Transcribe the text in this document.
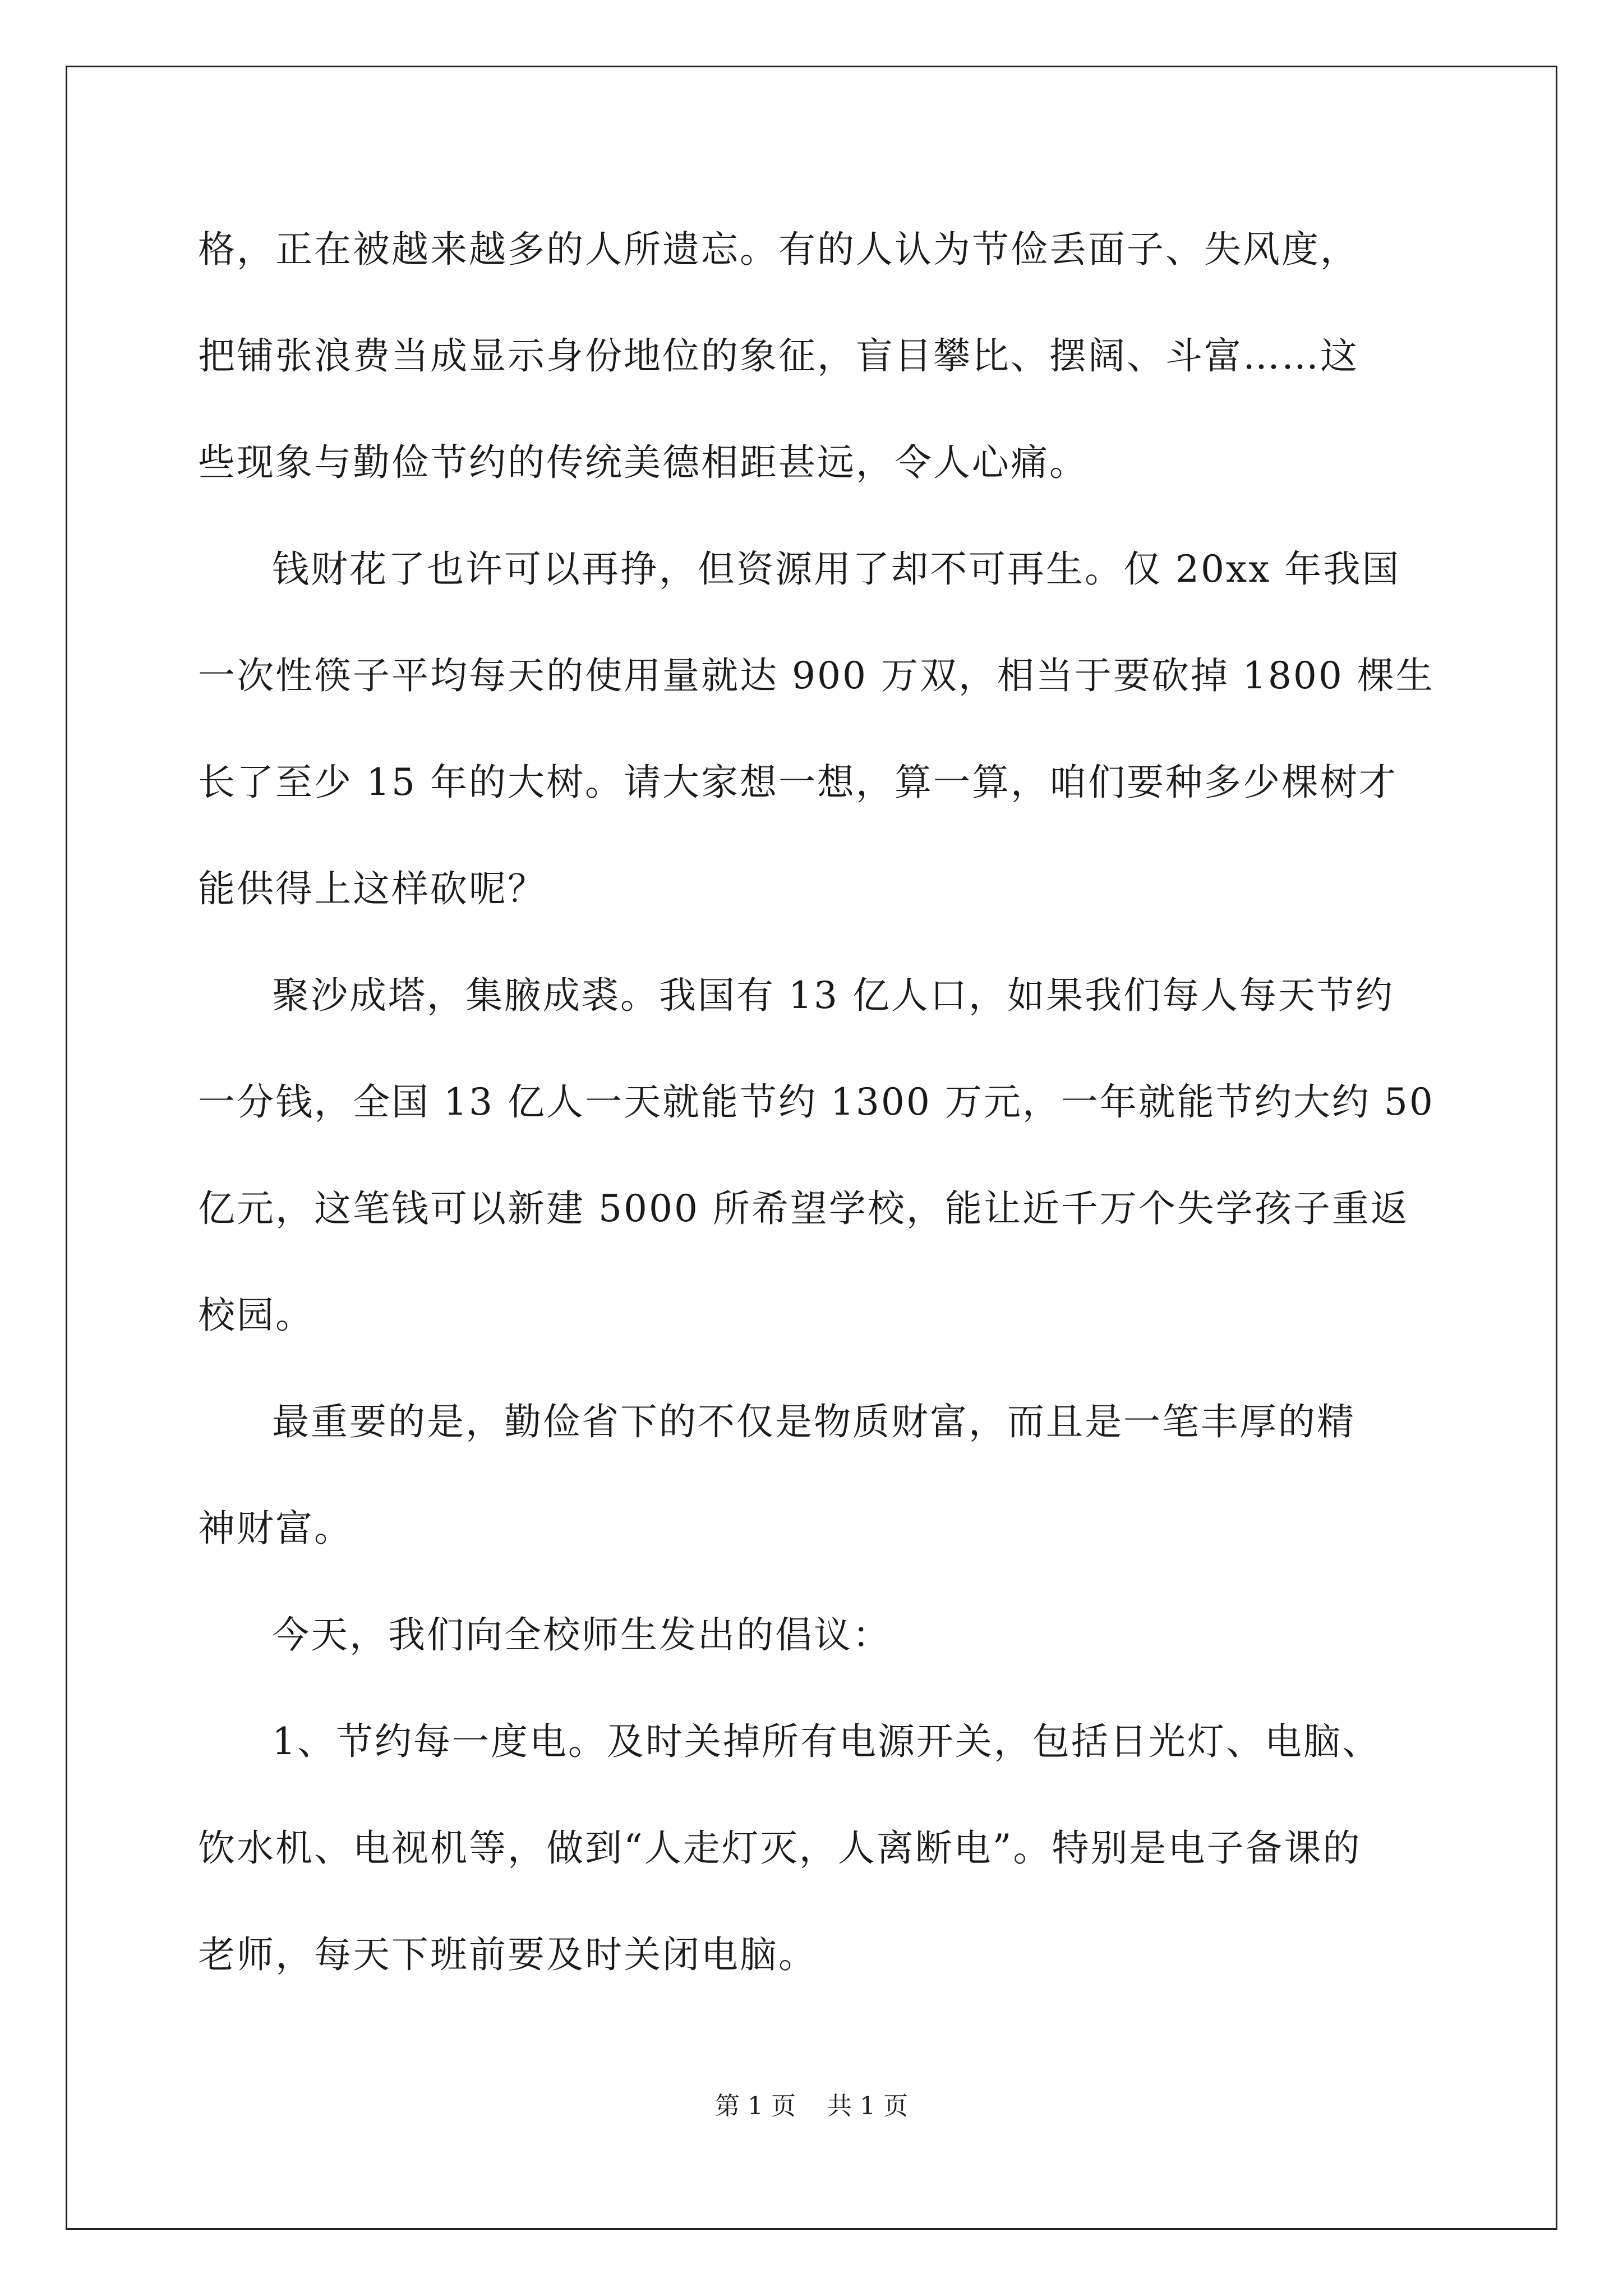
格，正在被越来越多的人所遗忘。有的人认为节俭丢面子、失风度，
把铺张浪费当成显示身份地位的象征，盲目攀比、摆阔、斗富……这
些现象与勤俭节约的传统美德相距甚远，令人心痛。
钱财花了也许可以再挣，但资源用了却不可再生。仅 20xx 年我国
一次性筷子平均每天的使用量就达 900 万双，相当于要砍掉 1800 棵生
长了至少 15 年的大树。请大家想一想，算一算，咱们要种多少棵树才
能供得上这样砍呢？
聚沙成塔，集腋成裘。我国有 13 亿人口，如果我们每人每天节约
一分钱，全国 13 亿人一天就能节约 1300 万元，一年就能节约大约 50
亿元，这笔钱可以新建 5000 所希望学校，能让近千万个失学孩子重返
校园。
最重要的是，勤俭省下的不仅是物质财富，而且是一笔丰厚的精
神财富。
今天，我们向全校师生发出的倡议：
1、节约每一度电。及时关掉所有电源开关，包括日光灯、电脑、
饮水机、电视机等，做到“人走灯灭，人离断电”。特别是电子备课的
老师，每天下班前要及时关闭电脑。
第 1 页 共 1 页
